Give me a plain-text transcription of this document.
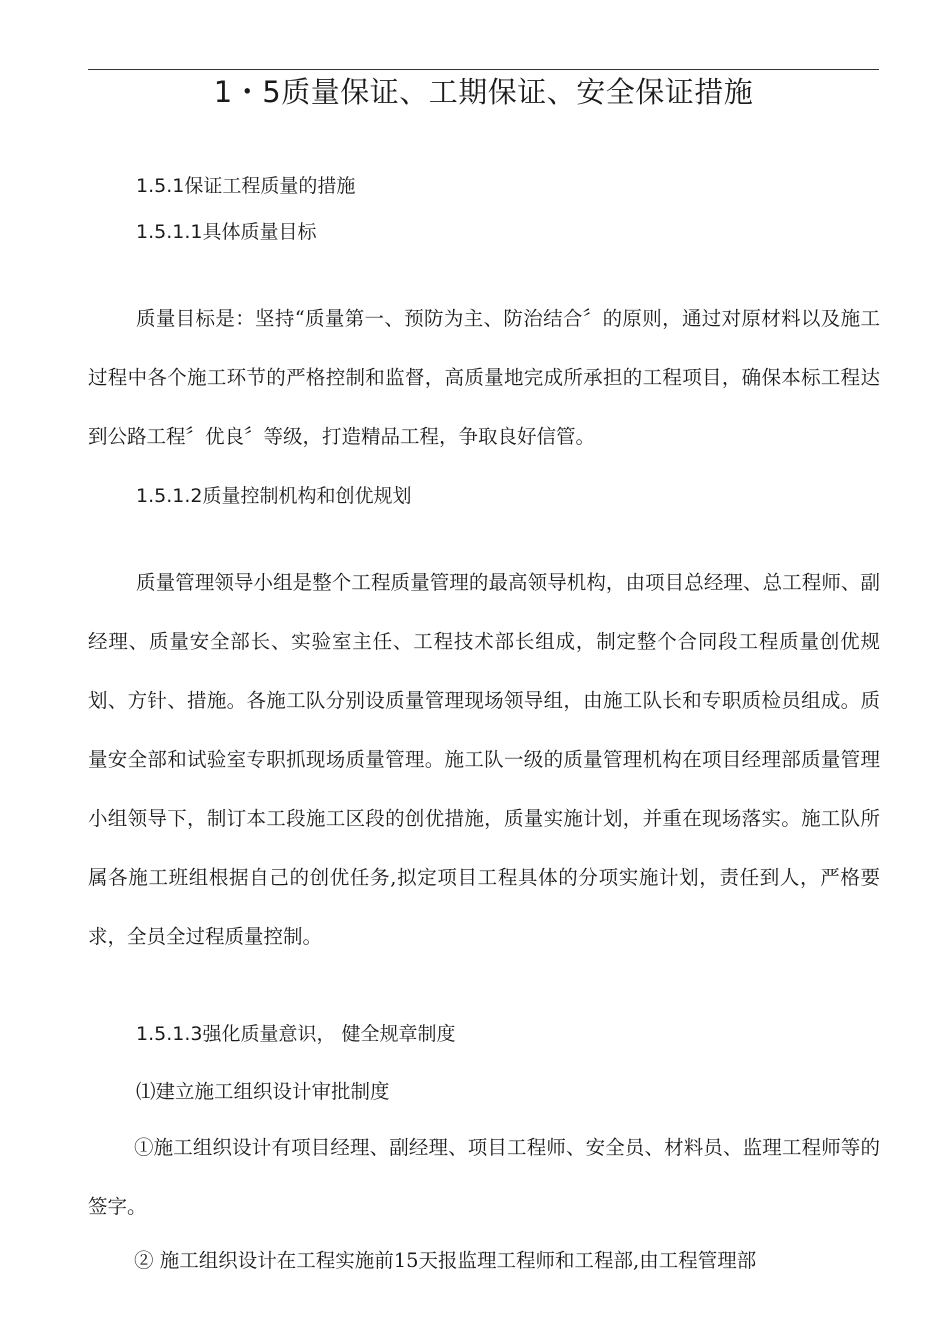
1・5质量保证、工期保证、安全保证措施
1.5.1保证工程质量的措施
1.5.1.1具体质量目标

质量目标是：坚持“质量第一、预防为主、防治结合〞的原则，通过对原材料以及施工过程中各个施工环节的严格控制和监督，高质量地完成所承担的工程项目，确保本标工程达到公路工程〞优良〞等级，打造精品工程，争取良好信管。

1.5.1.2质量控制机构和创优规划

质量管理领导小组是整个工程质量管理的最高领导机构，由项目总经理、总工程师、副经理、质量安全部长、实验室主任、工程技术部长组成，制定整个合同段工程质量创优规划、方针、措施。各施工队分别设质量管理现场领导组，由施工队长和专职质检员组成。质量安全部和试验室专职抓现场质量管理。施工队一级的质量管理机构在项目经理部质量管理小组领导下，制订本工段施工区段的创优措施，质量实施计划，并重在现场落实。施工队所属各施工班组根据自己的创优任务,拟定项目工程具体的分项实施计划，责任到人，严格要求，全员全过程质量控制。

1.5.1.3强化质量意识， 健全规章制度
⑴建立施工组织设计审批制度

①施工组织设计有项目经理、副经理、项目工程师、安全员、材料员、监理工程师等的签字。

② 施工组织设计在工程实施前15天报监理工程师和工程部,由工程管理部
